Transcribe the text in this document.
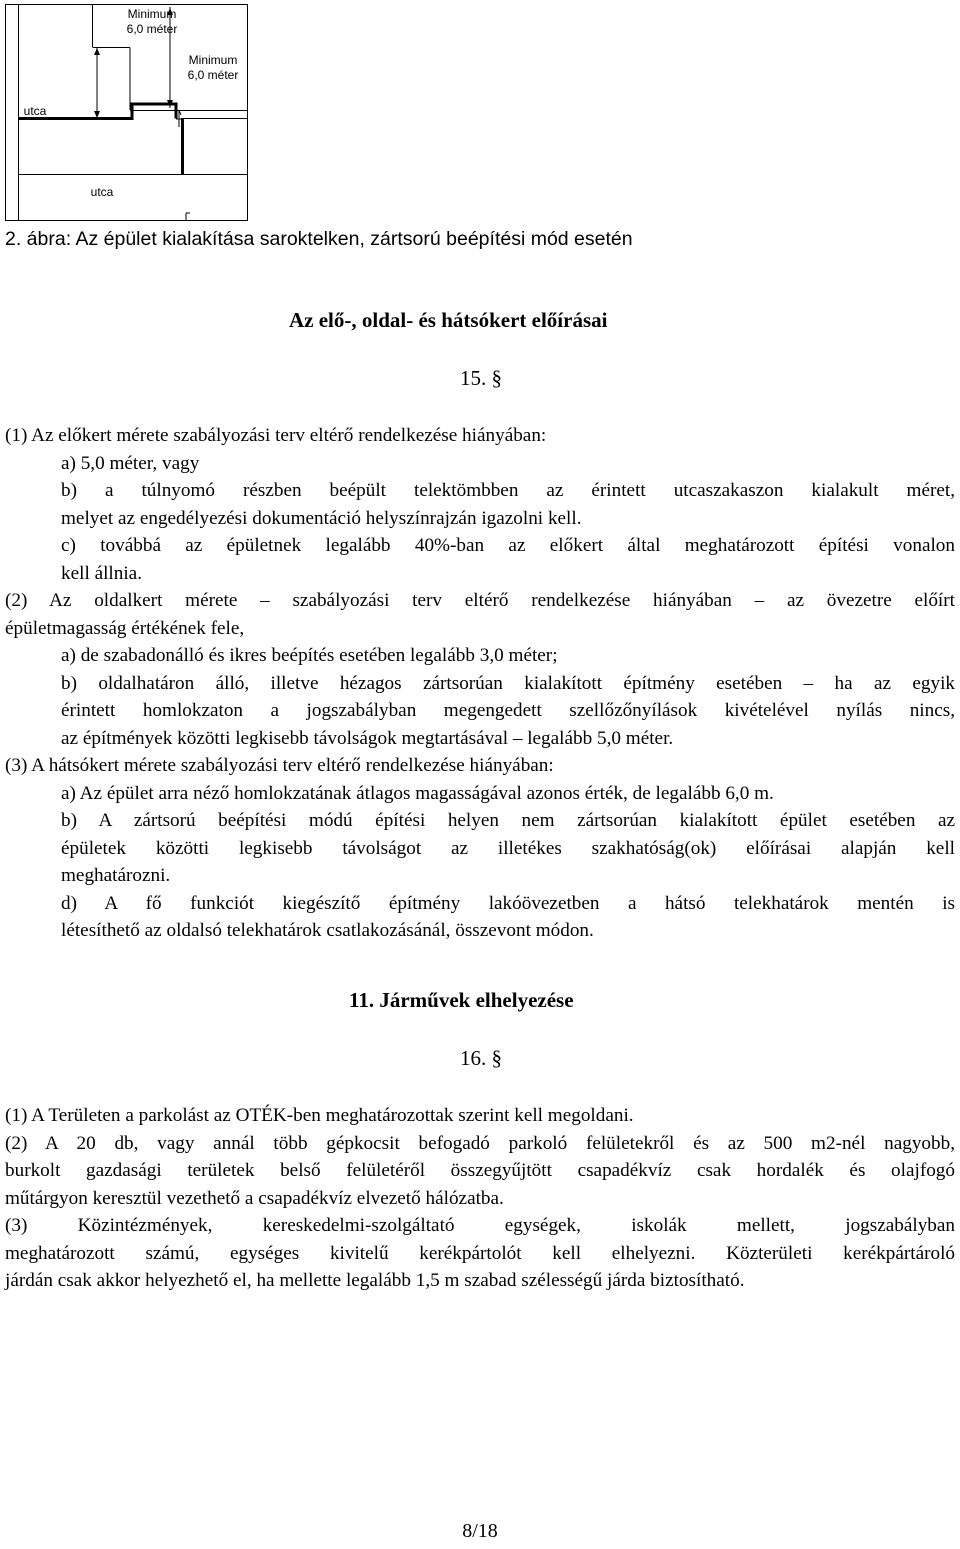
Minimum
6,0 méter
Minimum
6,0 méter
utca
utca
2. ábra: Az épület kialakítása saroktelken, zártsorú beépítési mód esetén
Az elő-, oldal- és hátsókert előírásai
15. §
(1) Az előkert mérete szabályozási terv eltérő rendelkezése hiányában:
a) 5,0 méter, vagy
b) a túlnyomó részben beépült telektömbben az érintett utcaszakaszon kialakult méret,
melyet az engedélyezési dokumentáció helyszínrajzán igazolni kell.
c) továbbá az épületnek legalább 40%-ban az előkert által meghatározott építési vonalon
kell állnia.
(2) Az oldalkert mérete – szabályozási terv eltérő rendelkezése hiányában – az övezetre előírt
épületmagasság értékének fele,
a) de szabadonálló és ikres beépítés esetében legalább 3,0 méter;
b) oldalhatáron álló, illetve hézagos zártsorúan kialakított építmény esetében – ha az egyik
érintett homlokzaton a jogszabályban megengedett szellőzőnyílások kivételével nyílás nincs,
az építmények közötti legkisebb távolságok megtartásával – legalább 5,0 méter.
(3) A hátsókert mérete szabályozási terv eltérő rendelkezése hiányában:
a) Az épület arra néző homlokzatának átlagos magasságával azonos érték, de legalább 6,0 m.
b) A zártsorú beépítési módú építési helyen nem zártsorúan kialakított épület esetében az
épületek közötti legkisebb távolságot az illetékes szakhatóság(ok) előírásai alapján kell
meghatározni.
d) A fő funkciót kiegészítő építmény lakóövezetben a hátsó telekhatárok mentén is
létesíthető az oldalsó telekhatárok csatlakozásánál, összevont módon.
11. Járművek elhelyezése
16. §
(1) A Területen a parkolást az OTÉK-ben meghatározottak szerint kell megoldani.
(2) A 20 db, vagy annál több gépkocsit befogadó parkoló felületekről és az 500 m2-nél nagyobb,
burkolt gazdasági területek belső felületéről összegyűjtött csapadékvíz csak hordalék és olajfogó
műtárgyon keresztül vezethető a csapadékvíz elvezető hálózatba.
(3) Közintézmények, kereskedelmi-szolgáltató egységek, iskolák mellett, jogszabályban
meghatározott számú, egységes kivitelű kerékpártolót kell elhelyezni. Közterületi kerékpártároló
járdán csak akkor helyezhető el, ha mellette legalább 1,5 m szabad szélességű járda biztosítható.
8/18
